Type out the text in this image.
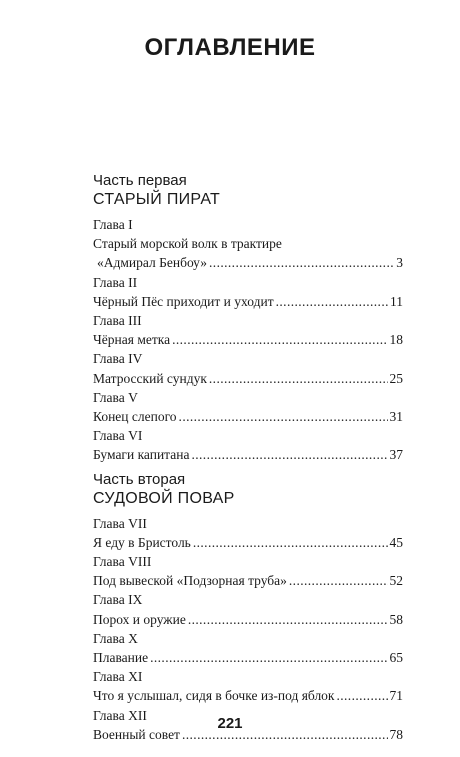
ОГЛАВЛЕНИЕ
Часть первая
СТАРЫЙ ПИРАТ
Глава I
Старый морской волк в трактире
«Адмирал Бенбоу» .....	3
Глава II
Чёрный Пёс приходит и уходит .....	11
Глава III
Чёрная метка .....	18
Глава IV
Матросский сундук .....	25
Глава V
Конец слепого .....	31
Глава VI
Бумаги капитана .....	37
Часть вторая
СУДОВОЙ ПОВАР
Глава VII
Я еду в Бристоль .....	45
Глава VIII
Под вывеской «Подзорная труба» .....	52
Глава IX
Порох и оружие .....	58
Глава X
Плавание .....	65
Глава XI
Что я услышал, сидя в бочке из-под яблок .....	71
Глава XII
Военный совет .....	78
221
